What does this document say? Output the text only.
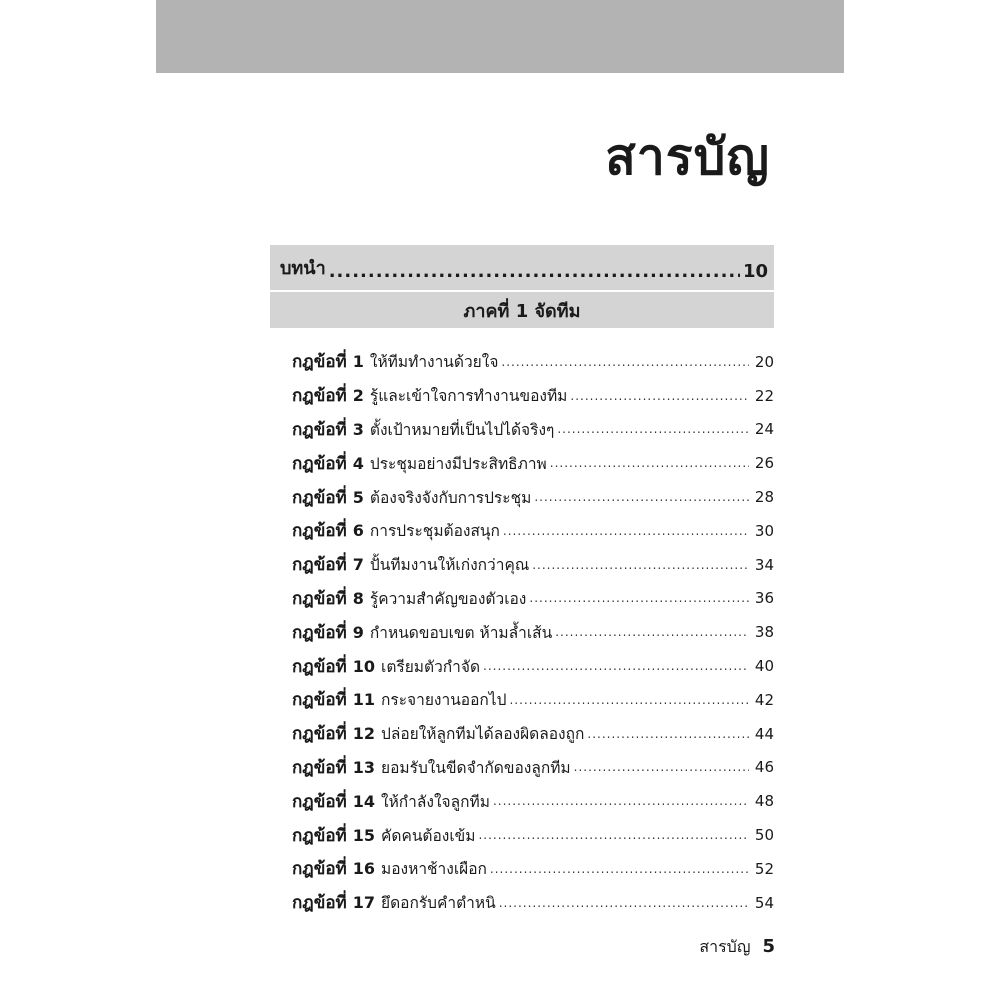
สารบัญ
บทนำ .....	10
ภาคที่ 1 จัดทีม
กฎข้อที่ 1 ให้ทีมทำงานด้วยใจ .....	20
กฎข้อที่ 2 รู้และเข้าใจการทำงานของทีม .....	22
กฎข้อที่ 3 ตั้งเป้าหมายที่เป็นไปได้จริงๆ .....	24
กฎข้อที่ 4 ประชุมอย่างมีประสิทธิภาพ .....	26
กฎข้อที่ 5 ต้องจริงจังกับการประชุม .....	28
กฎข้อที่ 6 การประชุมต้องสนุก .....	30
กฎข้อที่ 7 ปั้นทีมงานให้เก่งกว่าคุณ .....	34
กฎข้อที่ 8 รู้ความสำคัญของตัวเอง .....	36
กฎข้อที่ 9 กำหนดขอบเขต ห้ามล้ำเส้น .....	38
กฎข้อที่ 10 เตรียมตัวกำจัด .....	40
กฎข้อที่ 11 กระจายงานออกไป .....	42
กฎข้อที่ 12 ปล่อยให้ลูกทีมได้ลองผิดลองถูก .....	44
กฎข้อที่ 13 ยอมรับในขีดจำกัดของลูกทีม .....	46
กฎข้อที่ 14 ให้กำลังใจลูกทีม .....	48
กฎข้อที่ 15 คัดคนต้องเข้ม .....	50
กฎข้อที่ 16 มองหาช้างเผือก .....	52
กฎข้อที่ 17 ยึดอกรับคำตำหนิ .....	54
สารบัญ 5
